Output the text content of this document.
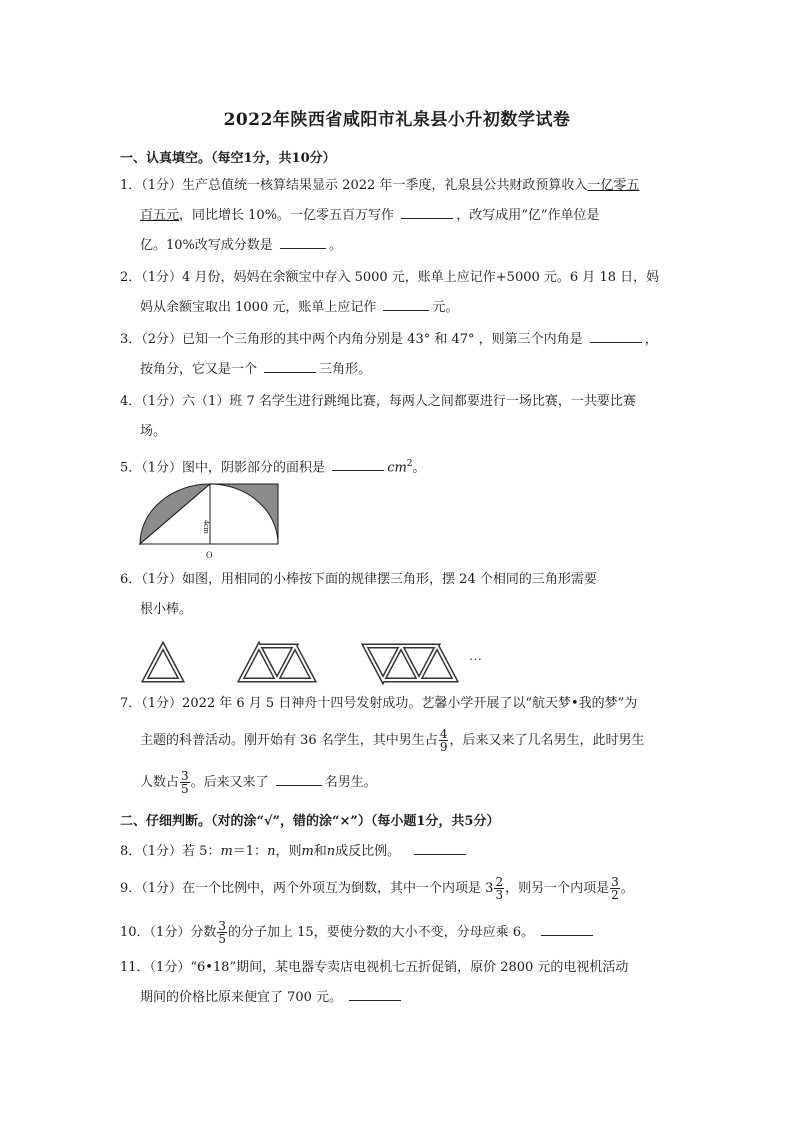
2022年陕西省咸阳市礼泉县小升初数学试卷
一、认真填空。（每空1分，共10分）
1．（1分）生产总值统一核算结果显示 2022 年一季度，礼泉县公共财政预算收入一亿零五
百五元，同比增长 10%。一亿零五百万写作	，改写成用“亿”作单位是
亿。10%改写成分数是	。
2．（1分）4 月份，妈妈在余额宝中存入 5000 元，账单上应记作+5000 元。6 月 18 日，妈
妈从余额宝取出 1000 元，账单上应记作	元。
3．（2分）已知一个三角形的其中两个内角分别是 43° 和 47° ，则第三个内角是	，
按角分，它又是一个	三角形。
4．（1分）六（1）班 7 名学生进行跳绳比赛，每两人之间都要进行一场比赛，一共要比赛
场。
5．（1分）图中，阴影部分的面积是	$cm^2$。
4cm
O
6．（1分）如图，用相同的小棒按下面的规律摆三角形，摆 24 个相同的三角形需要
根小棒。
…
7．（1分）2022 年 6 月 5 日神舟十四号发射成功。艺馨小学开展了以“航天梦•我的梦”为
主题的科普活动。刚开始有 36 名学生，其中男生占 $\frac{4}{9}$ ，后来又来了几名男生，此时男生
人数占 $\frac{3}{5}$ 。后来又来了	名男生。
二、仔细判断。（对的涂“√”，错的涂“×”）（每小题1分，共5分）
8．（1分）若 5：m＝1：n，则m和n成反比例。
9．（1分）在一个比例中，两个外项互为倒数，其中一个内项是 $3 \frac{2}{3}$ ，则另一个内项是 $\frac{3}{2}$ 。
10．（1分）分数 $\frac{3}{5}$ 的分子加上 15，要使分数的大小不变，分母应乘 6。
11．（1分）“6•18”期间，某电器专卖店电视机七五折促销，原价 2800 元的电视机活动
期间的价格比原来便宜了 700 元。
